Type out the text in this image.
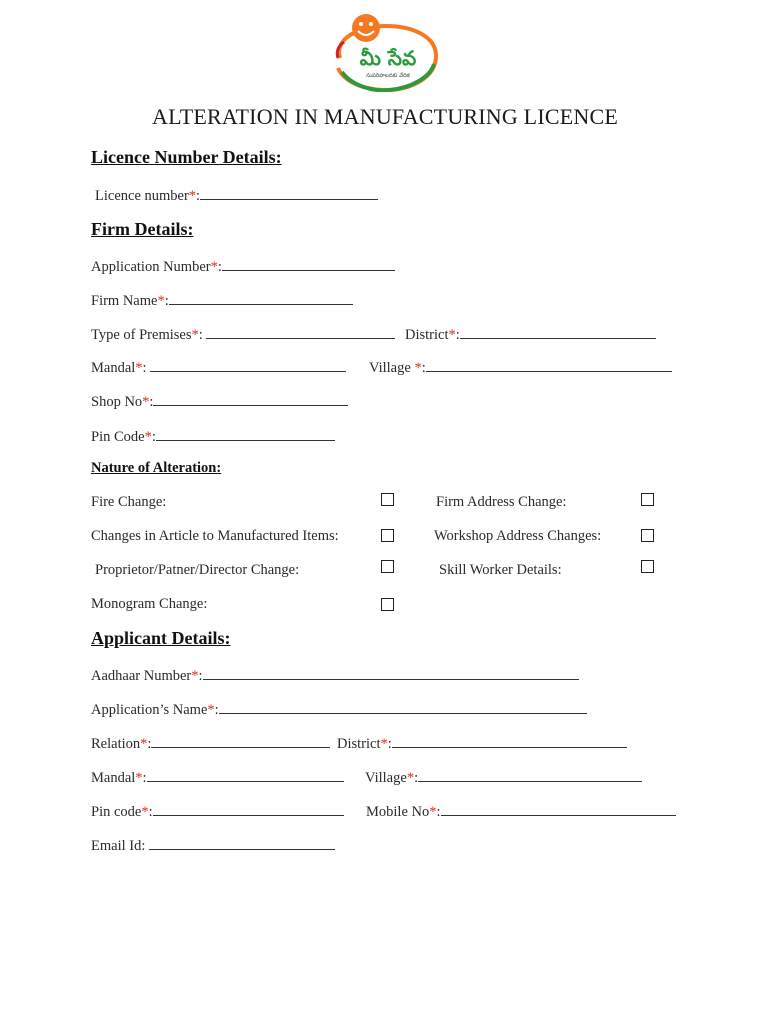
మీ సేవ
సుపరిపాలనకు వేదిక
ALTERATION IN MANUFACTURING LICENCE
Licence Number Details:
Licence number*:
Firm Details:
Application Number*:
Firm Name*:
Type of Premises*:	District*:
Mandal*:	Village *:
Shop No*:
Pin Code*:
Nature of Alteration:
Fire Change:	Firm Address Change:
Changes in Article to Manufactured Items:	Workshop Address Changes:
Proprietor/Patner/Director Change:	Skill Worker Details:
Monogram Change:
Applicant Details:
Aadhaar Number*:
Application’s Name*:
Relation*:	District*:
Mandal*:	Village*:
Pin code*:	Mobile No*:
Email Id:
